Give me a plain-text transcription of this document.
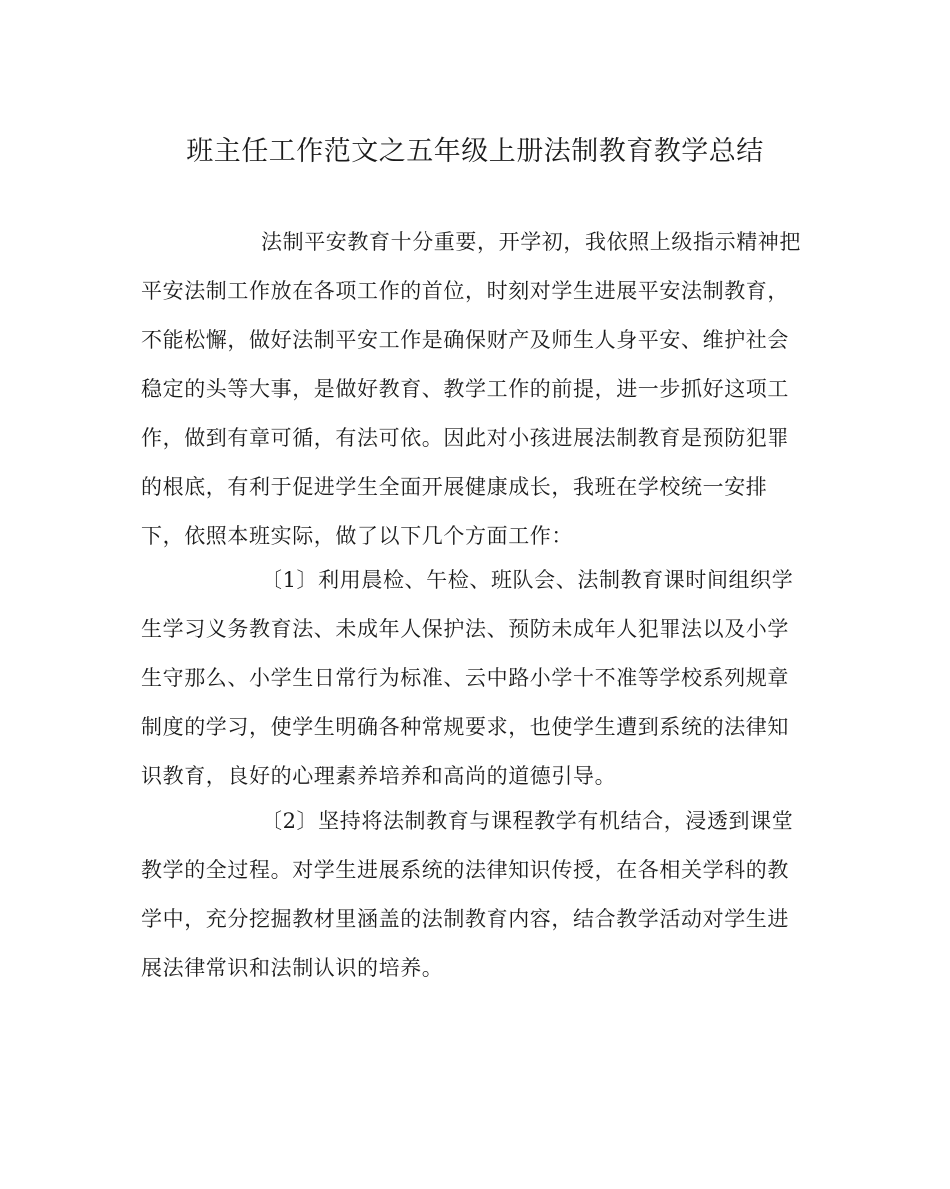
班主任工作范文之五年级上册法制教育教学总结
法制平安教育十分重要，开学初，我依照上级指示精神把
平安法制工作放在各项工作的首位，时刻对学生进展平安法制教育，
不能松懈，做好法制平安工作是确保财产及师生人身平安、维护社会
稳定的头等大事，是做好教育、教学工作的前提，进一步抓好这项工
作，做到有章可循，有法可依。因此对小孩进展法制教育是预防犯罪
的根底，有利于促进学生全面开展健康成长，我班在学校统一安排
下，依照本班实际，做了以下几个方面工作：
〔1〕利用晨检、午检、班队会、法制教育课时间组织学
生学习义务教育法、未成年人保护法、预防未成年人犯罪法以及小学
生守那么、小学生日常行为标准、云中路小学十不准等学校系列规章
制度的学习，使学生明确各种常规要求，也使学生遭到系统的法律知
识教育，良好的心理素养培养和高尚的道德引导。
〔2〕坚持将法制教育与课程教学有机结合，浸透到课堂
教学的全过程。对学生进展系统的法律知识传授，在各相关学科的教
学中，充分挖掘教材里涵盖的法制教育内容，结合教学活动对学生进
展法律常识和法制认识的培养。
